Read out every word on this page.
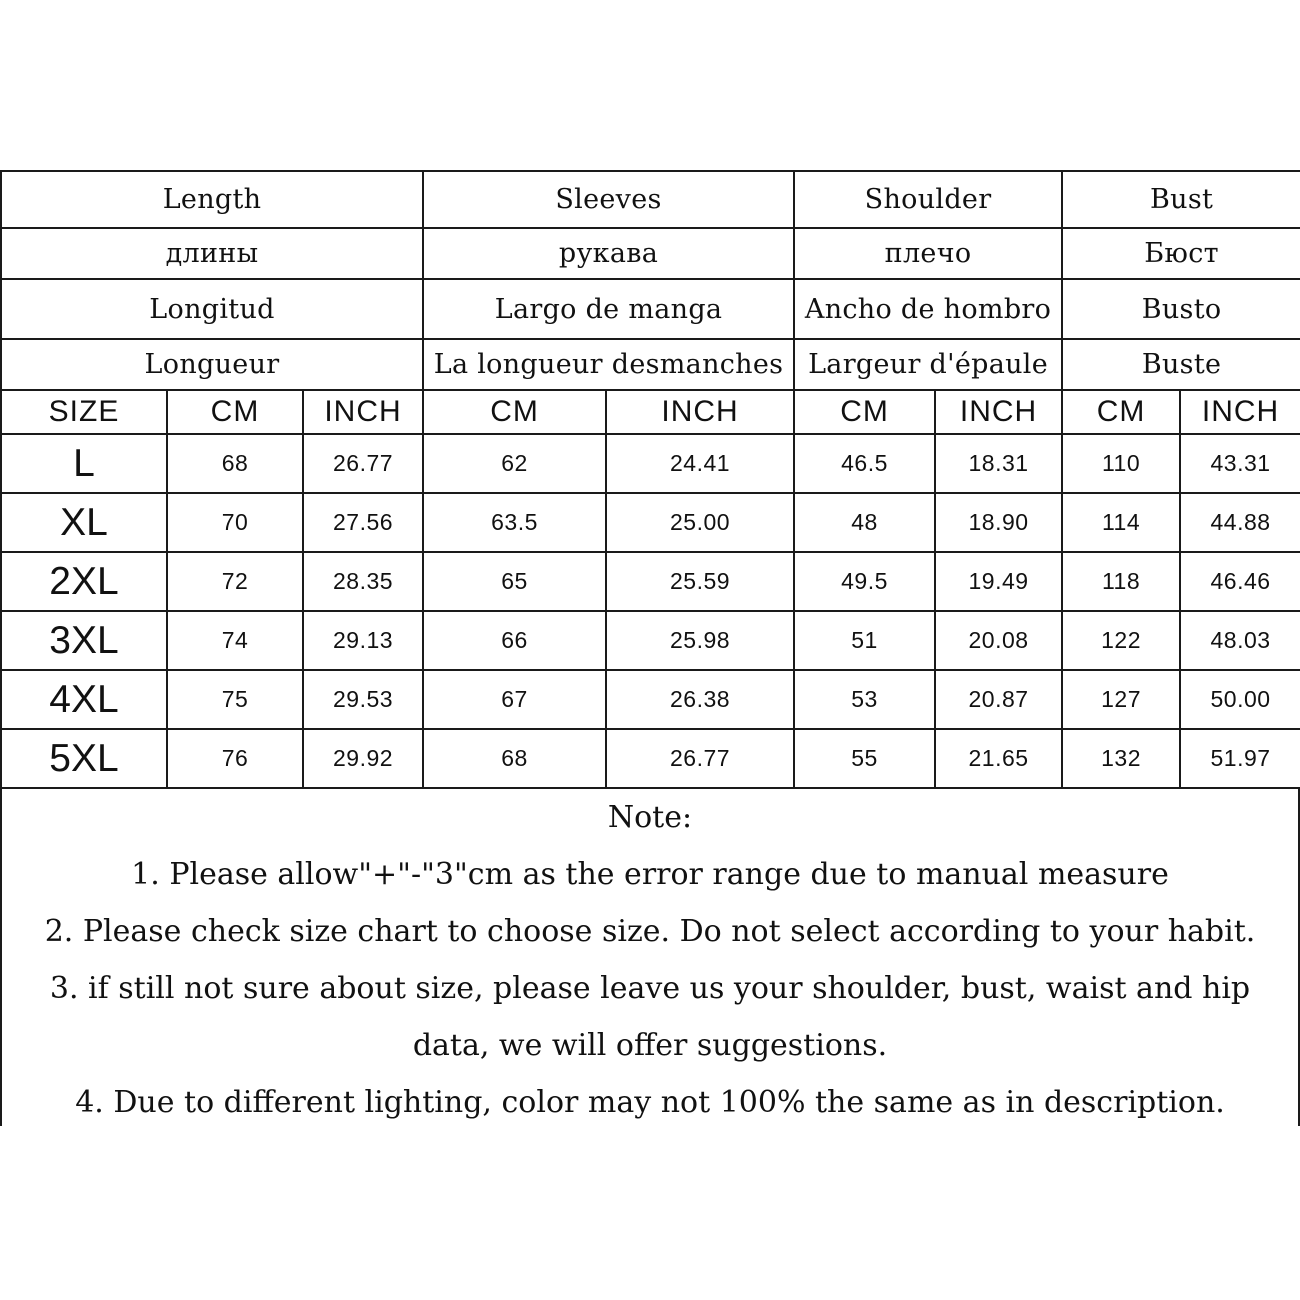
Length			Sleeves		Shoulder		Bust	
длины			рукава		плечо		Бюст	
Longitud			Largo de manga		Ancho de hombro		Busto	
Longueur			La longueur desmanches		Largeur d'épaule		Buste	
SIZE	CM	INCH	CM	INCH	CM	INCH	CM	INCH
L	68	26.77	62	24.41	46.5	18.31	110	43.31
XL	70	27.56	63.5	25.00	48	18.90	114	44.88
2XL	72	28.35	65	25.59	49.5	19.49	118	46.46
3XL	74	29.13	66	25.98	51	20.08	122	48.03
4XL	75	29.53	67	26.38	53	20.87	127	50.00
5XL	76	29.92	68	26.77	55	21.65	132	51.97
Note:
1. Please allow"+"-"3"cm as the error range due to manual measure
2. Please check size chart to choose size. Do not select according to your habit.
3. if still not sure about size, please leave us your shoulder, bust, waist and hip
data, we will offer suggestions.
4. Due to different lighting, color may not 100% the same as in description.
